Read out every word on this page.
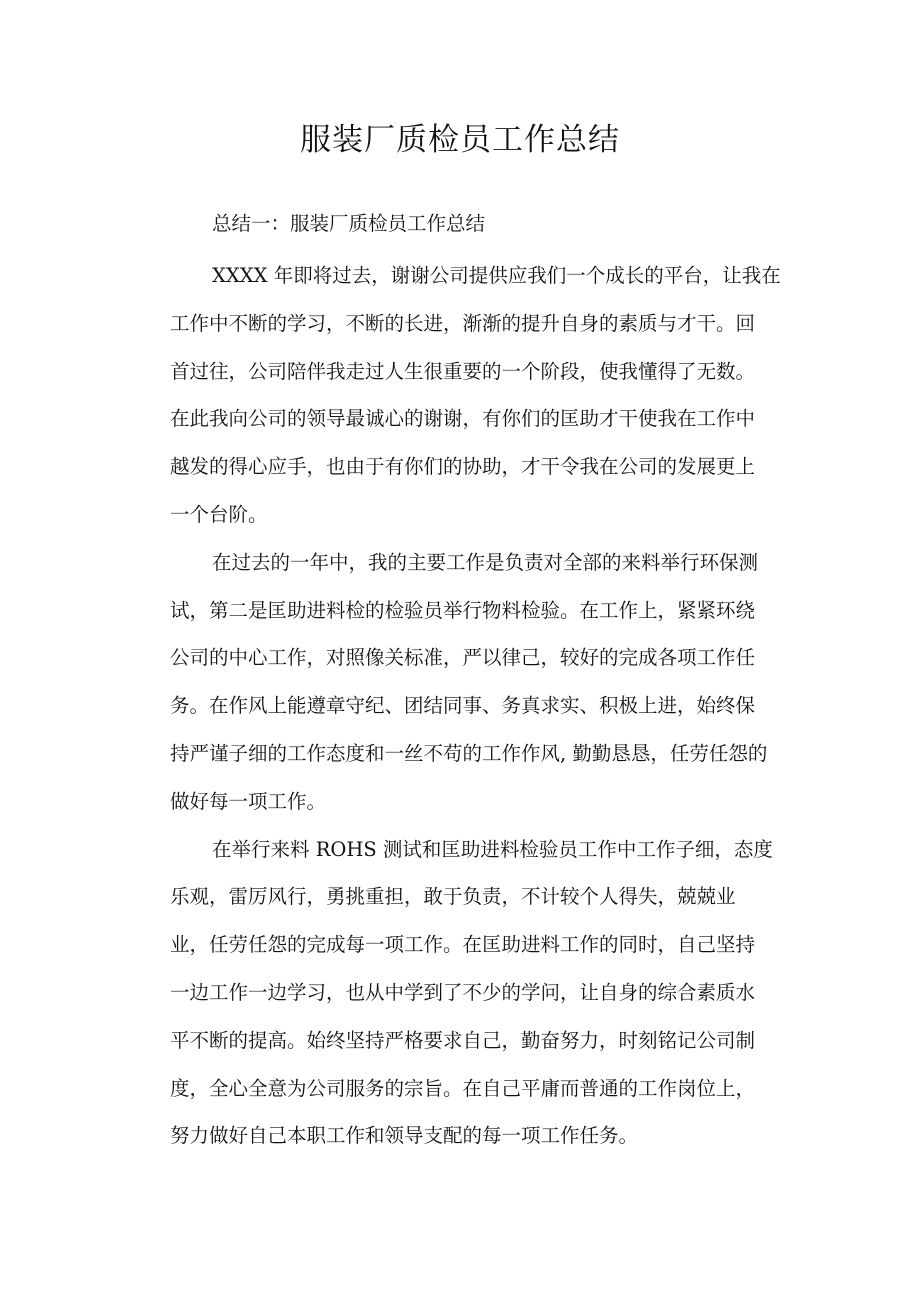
服装厂质检员工作总结

总结一：服装厂质检员工作总结

XXXX 年即将过去，谢谢公司提供应我们一个成长的平台，让我在
工作中不断的学习，不断的长进，渐渐的提升自身的素质与才干。回
首过往，公司陪伴我走过人生很重要的一个阶段，使我懂得了无数。
在此我向公司的领导最诚心的谢谢，有你们的匡助才干使我在工作中
越发的得心应手，也由于有你们的协助，才干令我在公司的发展更上
一个台阶。

在过去的一年中，我的主要工作是负责对全部的来料举行环保测
试，第二是匡助进料检的检验员举行物料检验。在工作上，紧紧环绕
公司的中心工作，对照像关标准，严以律己，较好的完成各项工作任
务。在作风上能遵章守纪、团结同事、务真求实、积极上进，始终保
持严谨子细的工作态度和一丝不苟的工作作风, 勤勤恳恳，任劳任怨的
做好每一项工作。

在举行来料 ROHS 测试和匡助进料检验员工作中工作子细，态度
乐观，雷厉风行，勇挑重担，敢于负责，不计较个人得失，兢兢业
业，任劳任怨的完成每一项工作。在匡助进料工作的同时，自己坚持
一边工作一边学习，也从中学到了不少的学问，让自身的综合素质水
平不断的提高。始终坚持严格要求自己，勤奋努力，时刻铭记公司制
度，全心全意为公司服务的宗旨。在自己平庸而普通的工作岗位上，
努力做好自己本职工作和领导支配的每一项工作任务。
